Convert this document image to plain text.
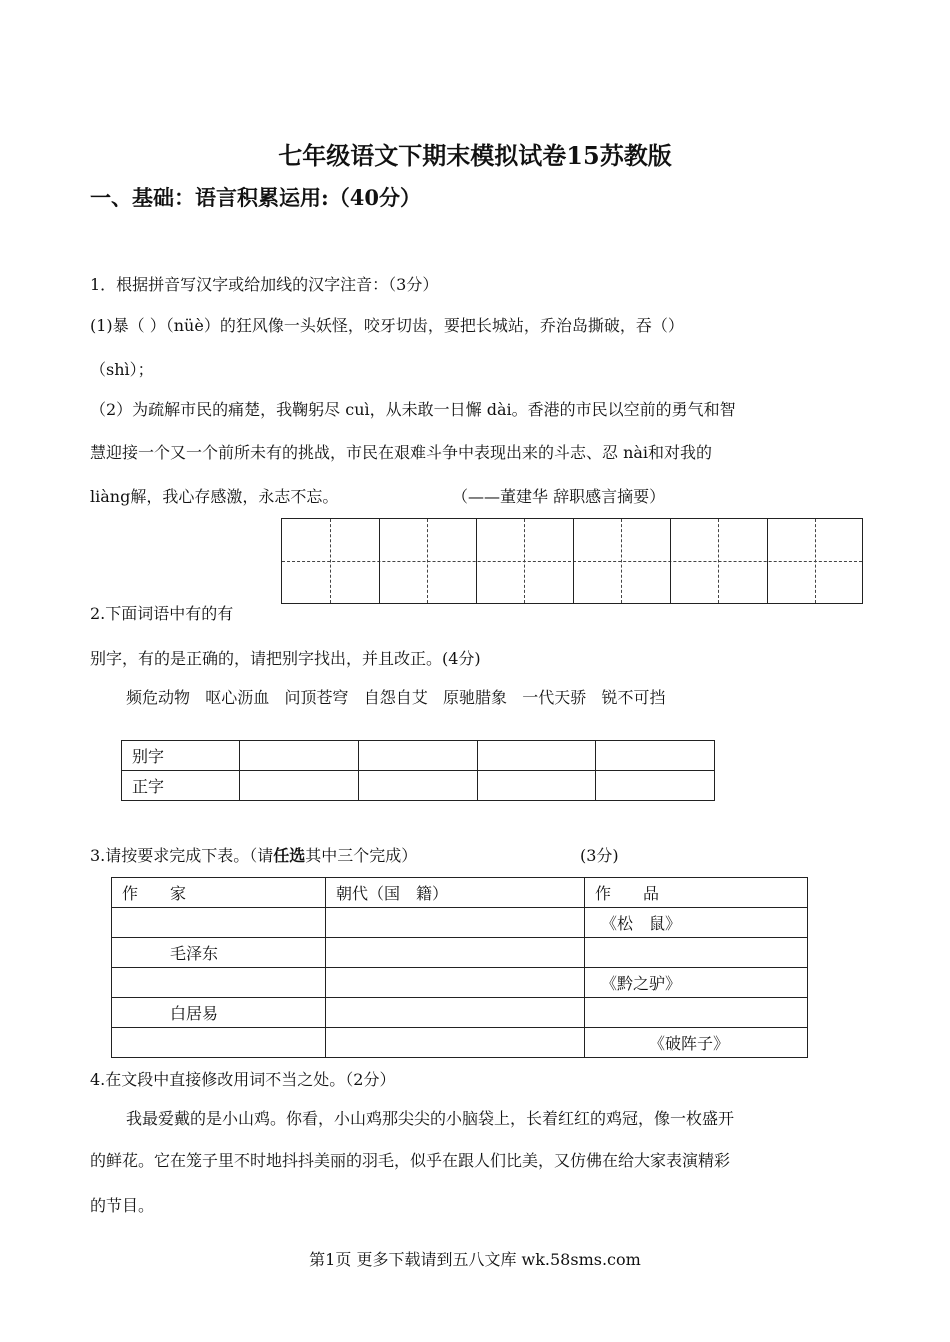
七年级语文下期末模拟试卷15苏教版
一、基础：语言积累运用:（40分）
1．根据拼音写汉字或给加线的汉字注音：（3分）
(1)暴（ ）（nüè）的狂风像一头妖怪，咬牙切齿，要把长城站，乔治岛撕破，吞（）
（shì）；
（2）为疏解市民的痛楚，我鞠躬尽 cuì，从未敢一日懈 dài。香港的市民以空前的勇气和智
慧迎接一个又一个前所未有的挑战，市民在艰难斗争中表现出来的斗志、忍 nài和对我的
liàng解，我心存感激，永志不忘。	（——董建华 辞职感言摘要）
2.下面词语中有的有
别字，有的是正确的，请把别字找出，并且改正。(4分)
频危动物   呕心沥血   问顶苍穹   自怨自艾   原驰腊象   一代天骄   锐不可挡
别字				
正字				
3.请按要求完成下表。（请任选其中三个完成）	(3分)
作　　家	朝代（国　籍）	作　　品
		《松　鼠》
毛泽东		
		《黔之驴》
白居易		
		《破阵子》
4.在文段中直接修改用词不当之处。（2分）
我最爱戴的是小山鸡。你看，小山鸡那尖尖的小脑袋上，长着红红的鸡冠，像一枚盛开
的鲜花。它在笼子里不时地抖抖美丽的羽毛，似乎在跟人们比美，又仿佛在给大家表演精彩
的节目。
第1页 更多下载请到五八文库 wk.58sms.com
